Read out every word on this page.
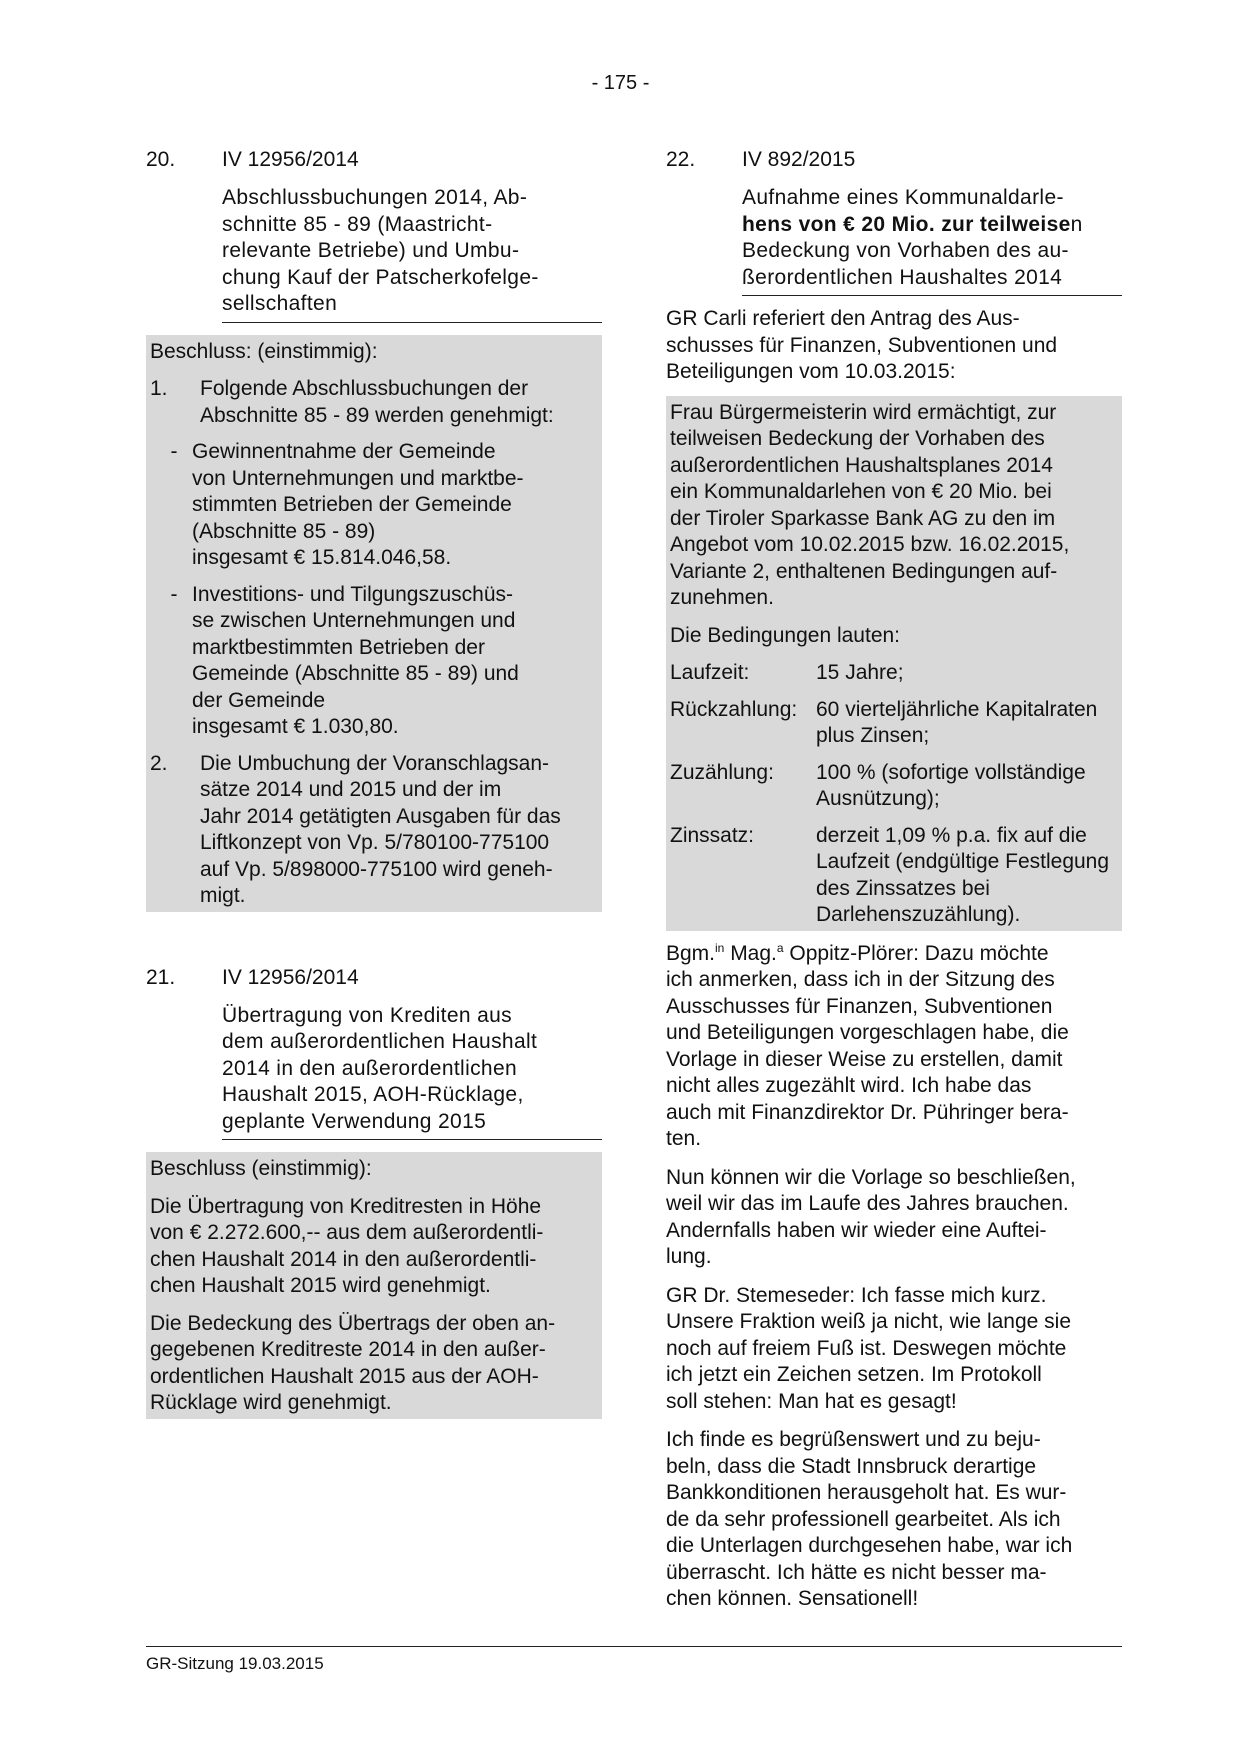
- 175 -
20.	IV 12956/2014
Abschlussbuchungen 2014, Ab-
schnitte 85 - 89 (Maastricht-
relevante Betriebe) und Umbu-
chung Kauf der Patscherkofelge-
sellschaften

Beschluss: (einstimmig):

1.	Folgende Abschlussbuchungen der Abschnitte 85 - 89 werden genehmigt:
- Gewinnentnahme der Gemeinde
von Unternehmungen und marktbe-
stimmten Betrieben der Gemeinde
(Abschnitte 85 - 89)
insgesamt € 15.814.046,58.
- Investitions- und Tilgungszuschüs-
se zwischen Unternehmungen und
marktbestimmten Betrieben der
Gemeinde (Abschnitte 85 - 89) und
der Gemeinde
insgesamt € 1.030,80.
2.	Die Umbuchung der Voranschlagsan-
sätze 2014 und 2015 und der im
Jahr 2014 getätigten Ausgaben für das
Liftkonzept von Vp. 5/780100-775100
auf Vp. 5/898000-775100 wird geneh-
migt.
21.	IV 12956/2014
Übertragung von Krediten aus
dem außerordentlichen Haushalt
2014 in den außerordentlichen
Haushalt 2015, AOH-Rücklage,
geplante Verwendung 2015

Beschluss (einstimmig):

Die Übertragung von Kreditresten in Höhe
von € 2.272.600,-- aus dem außerordentli-
chen Haushalt 2014 in den außerordentli-
chen Haushalt 2015 wird genehmigt.

Die Bedeckung des Übertrags der oben an-
gegebenen Kreditreste 2014 in den außer-
ordentlichen Haushalt 2015 aus der AOH-
Rücklage wird genehmigt.

22.	IV 892/2015
Aufnahme eines Kommunaldarle-
hens von € 20 Mio. zur teilweisen
Bedeckung von Vorhaben des au-
ßerordentlichen Haushaltes 2014

GR Carli referiert den Antrag des Aus-
schusses für Finanzen, Subventionen und
Beteiligungen vom 10.03.2015:

Frau Bürgermeisterin wird ermächtigt, zur
teilweisen Bedeckung der Vorhaben des
außerordentlichen Haushaltsplanes 2014
ein Kommunaldarlehen von € 20 Mio. bei
der Tiroler Sparkasse Bank AG zu den im
Angebot vom 10.02.2015 bzw. 16.02.2015,
Variante 2, enthaltenen Bedingungen auf-
zunehmen.

Die Bedingungen lauten:

Laufzeit:	15 Jahre;
Rückzahlung: 60 vierteljährliche Kapitalraten plus Zinsen;
Zuzählung:	100 % (sofortige vollständige Ausnützung);
Zinssatz:	derzeit 1,09 % p.a. fix auf die Laufzeit (endgültige Festlegung des Zinssatzes bei Darlehenszuzählung).

Bgm.$^{in}$ Mag.$^a$ Oppitz-Plörer: Dazu möchte
ich anmerken, dass ich in der Sitzung des
Ausschusses für Finanzen, Subventionen
und Beteiligungen vorgeschlagen habe, die
Vorlage in dieser Weise zu erstellen, damit
nicht alles zugezählt wird. Ich habe das
auch mit Finanzdirektor Dr. Pühringer bera-
ten.

Nun können wir die Vorlage so beschließen,
weil wir das im Laufe des Jahres brauchen.
Andernfalls haben wir wieder eine Auftei-
lung.

GR Dr. Stemeseder: Ich fasse mich kurz.
Unsere Fraktion weiß ja nicht, wie lange sie
noch auf freiem Fuß ist. Deswegen möchte
ich jetzt ein Zeichen setzen. Im Protokoll
soll stehen: Man hat es gesagt!

Ich finde es begrüßenswert und zu beju-
beln, dass die Stadt Innsbruck derartige
Bankkonditionen herausgeholt hat. Es wur-
de da sehr professionell gearbeitet. Als ich
die Unterlagen durchgesehen habe, war ich
überrascht. Ich hätte es nicht besser ma-
chen können. Sensationell!

GR-Sitzung 19.03.2015
